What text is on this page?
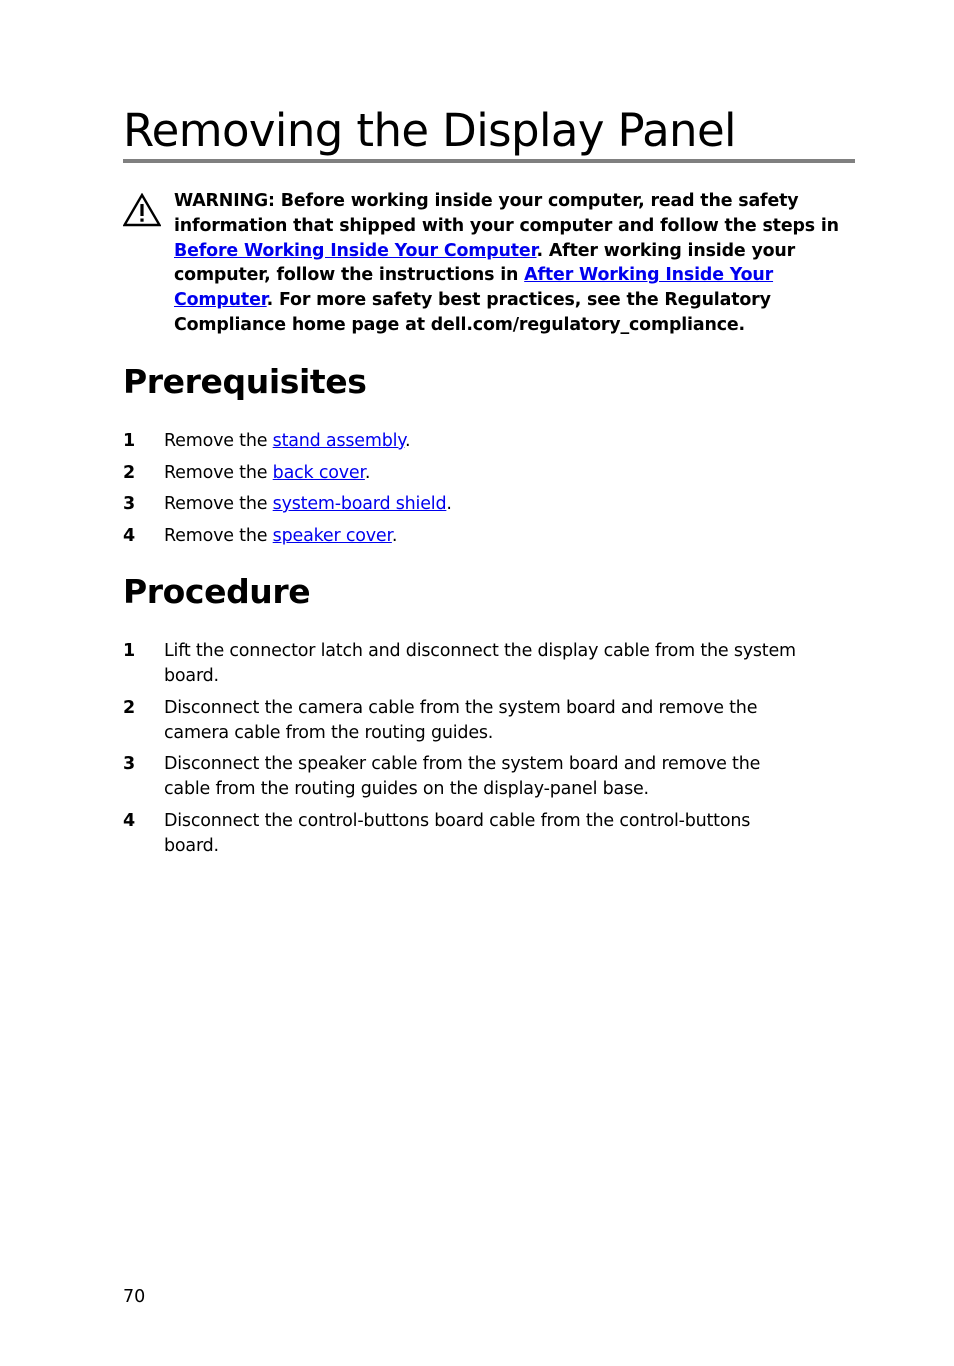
Removing the Display Panel

WARNING: Before working inside your computer, read the safety
information that shipped with your computer and follow the steps in
Before Working Inside Your Computer. After working inside your
computer, follow the instructions in After Working Inside Your
Computer. For more safety best practices, see the Regulatory
Compliance home page at dell.com/regulatory_compliance.

Prerequisites
1 Remove the stand assembly.
2 Remove the back cover.
3 Remove the system-board shield.
4 Remove the speaker cover.
Procedure
1 Lift the connector latch and disconnect the display cable from the system
board.
2 Disconnect the camera cable from the system board and remove the
camera cable from the routing guides.
3 Disconnect the speaker cable from the system board and remove the
cable from the routing guides on the display-panel base.
4 Disconnect the control-buttons board cable from the control-buttons
board.
70
